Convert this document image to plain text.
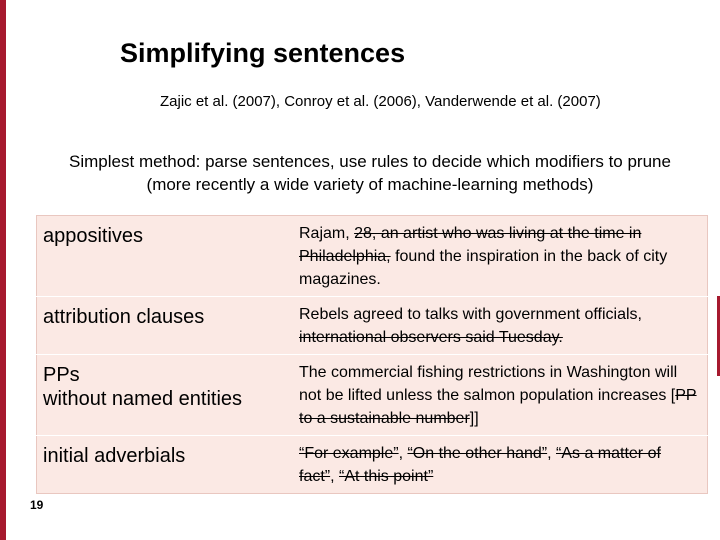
Simplifying sentences
Zajic et al. (2007), Conroy et al. (2006), Vanderwende et al. (2007)
Simplest method: parse sentences, use rules to decide which modifiers to prune
(more recently a wide variety of machine-learning methods)
appositives	Rajam, 28, an artist who was living at the time in Philadelphia, found the inspiration in the back of city magazines.

attribution clauses	Rebels agreed to talks with government officials, international observers said Tuesday.

PPs
without named entities	The commercial fishing restrictions in Washington will not be lifted unless the salmon population increases [PP to a sustainable number]]

initial adverbials	“For example”, “On the other hand”, “As a matter of fact”, “At this point”
19
